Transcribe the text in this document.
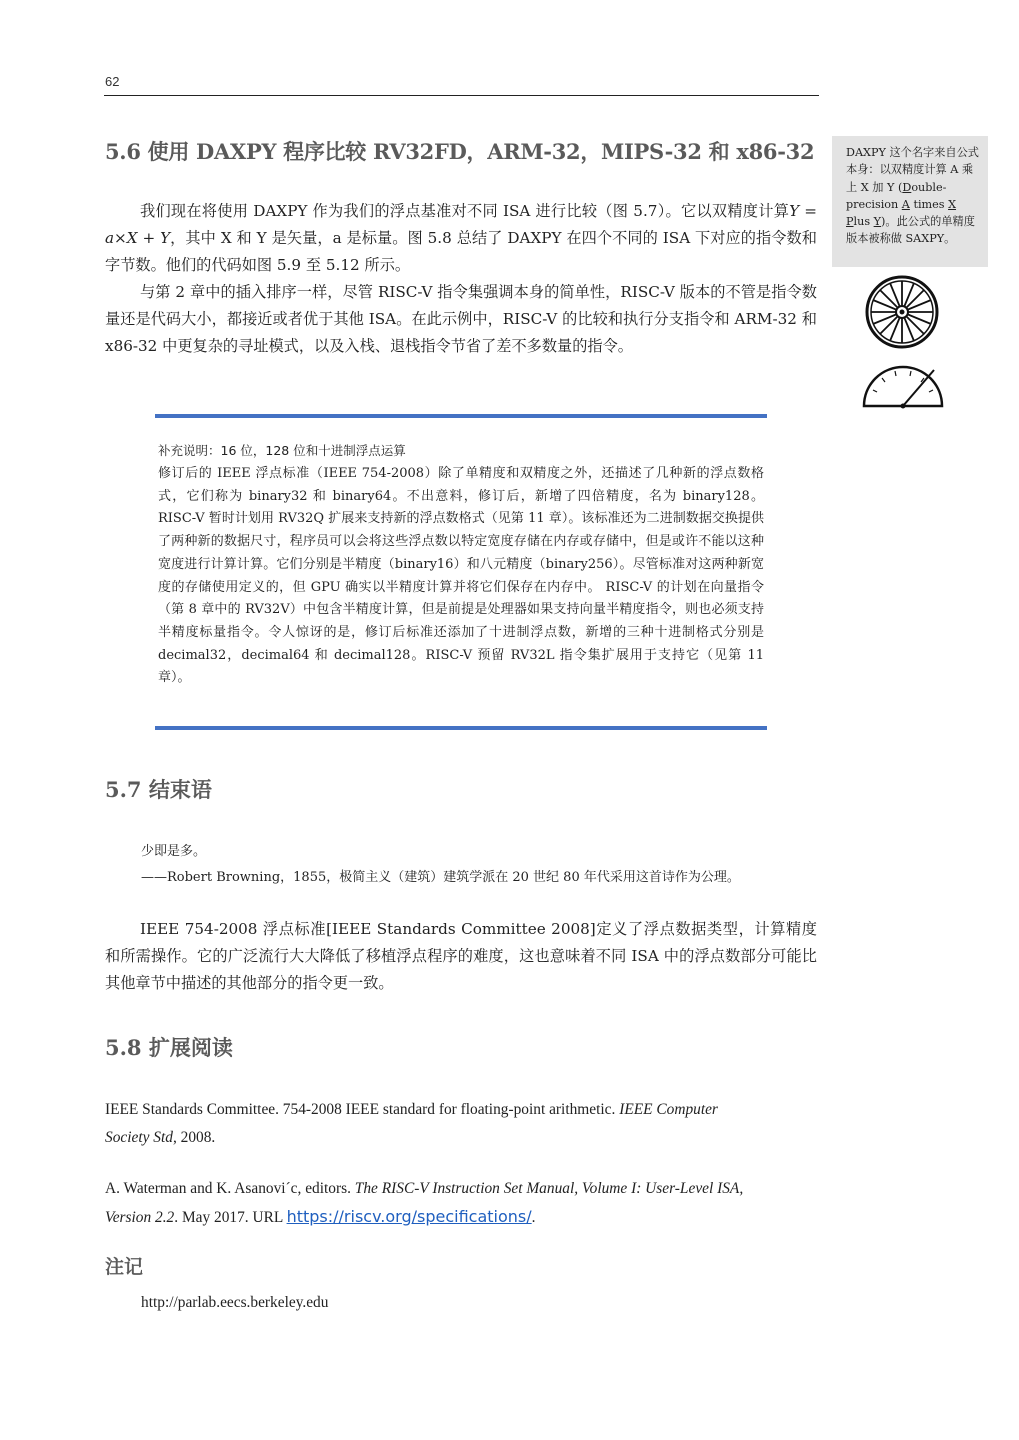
62
5.6 使用 DAXPY 程序比较 RV32FD，ARM-32，MIPS-32 和 x86-32
我们现在将使用 DAXPY 作为我们的浮点基准对不同 ISA 进行比较（图 5.7）。它以双精度计算Y = a×X + Y，其中 X 和 Y 是矢量，a 是标量。图 5.8 总结了 DAXPY 在四个不同的 ISA 下对应的指令数和字节数。他们的代码如图 5.9 至 5.12 所示。
与第 2 章中的插入排序一样，尽管 RISC-V 指令集强调本身的简单性，RISC-V 版本的不管是指令数量还是代码大小，都接近或者优于其他 ISA。在此示例中，RISC-V 的比较和执行分支指令和 ARM-32 和 x86-32 中更复杂的寻址模式，以及入栈、退栈指令节省了差不多数量的指令。
DAXPY 这个名字来自公式本身：以双精度计算 A 乘上 X 加 Y (Double-precision A times X Plus Y)。此公式的单精度版本被称做 SAXPY。
补充说明：16 位，128 位和十进制浮点运算
修订后的 IEEE 浮点标准（IEEE 754-2008）除了单精度和双精度之外，还描述了几种新的浮点数格式，它们称为 binary32 和 binary64。不出意料，修订后，新增了四倍精度，名为 binary128。 RISC-V 暂时计划用 RV32Q 扩展来支持新的浮点数格式（见第 11 章）。该标准还为二进制数据交换提供了两种新的数据尺寸，程序员可以会将这些浮点数以特定宽度存储在内存或存储中，但是或许不能以这种宽度进行计算计算。它们分别是半精度（binary16）和八元精度（binary256）。尽管标准对这两种新宽度的存储使用定义的，但 GPU 确实以半精度计算并将它们保存在内存中。 RISC-V 的计划在向量指令（第 8 章中的 RV32V）中包含半精度计算，但是前提是处理器如果支持向量半精度指令，则也必须支持半精度标量指令。令人惊讶的是，修订后标准还添加了十进制浮点数，新增的三种十进制格式分别是 decimal32，decimal64 和 decimal128。RISC-V 预留 RV32L 指令集扩展用于支持它（见第 11 章）。
5.7 结束语
少即是多。
——Robert Browning，1855，极简主义（建筑）建筑学派在 20 世纪 80 年代采用这首诗作为公理。
IEEE 754-2008 浮点标准[IEEE Standards Committee 2008]定义了浮点数据类型，计算精度和所需操作。它的广泛流行大大降低了移植浮点程序的难度，这也意味着不同 ISA 中的浮点数部分可能比其他章节中描述的其他部分的指令更一致。
5.8 扩展阅读
IEEE Standards Committee. 754-2008 IEEE standard for floating-point arithmetic. IEEE Computer Society Std, 2008.
A. Waterman and K. Asanovi´c, editors. The RISC-V Instruction Set Manual, Volume I: User-Level ISA, Version 2.2. May 2017. URL https://riscv.org/specifications/.
注记
http://parlab.eecs.berkeley.edu
